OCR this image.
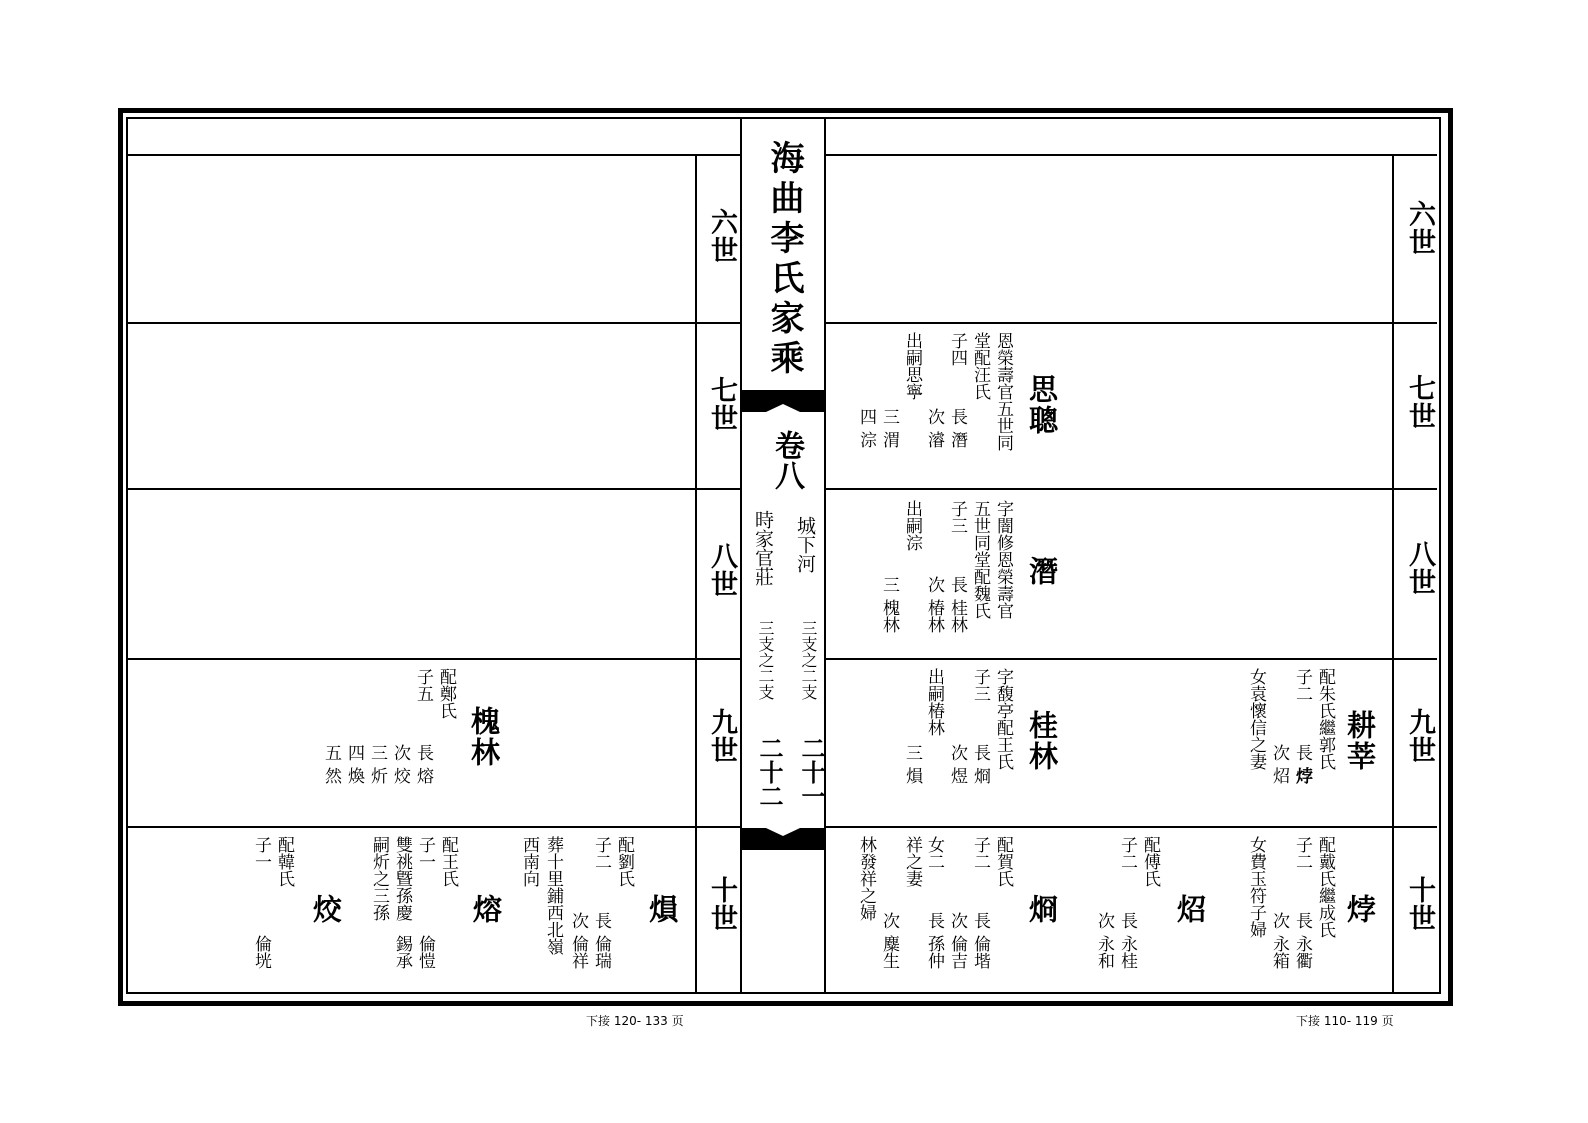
海曲李氏家乘
卷八
城下河
時家官莊
三支之二支
三支之二支
二十一
二十二
六世
七世
八世
九世
十世
六世
七世
八世
九世
十世
思聰
恩榮壽官五世同
堂配汪氏
子四
出嗣思寧
長
潛
次
濬
三
渭
四
淙
潛
字闇修恩榮壽官
五世同堂配魏氏
子三
出嗣淙
長
桂林
次
椿林
三
槐林
桂林
字馥亭配王氏
子三
出嗣椿林
長
烱
次
煜
三
熉
耕莘
配朱氏繼郭氏
子二
女袁懷信之妻 長
㶿
次
炤
㶿
配戴氏繼成氏
子二
女費玉符子婦 長
永衢
次
永箱
炤
配傅氏
子二
長
永桂
次
永和
烱
配賀氏
子二
女二
祥之妻
林發祥之婦	長
倫堦
次
倫吉
長
孫仲
次
麋生
槐林
配鄭氏
子五
長
熔
次
烄
三
炘
四
煥
五
然
熉
配劉氏
子二
葬十里鋪西北嶺
西南向
長
倫瑞
次
倫祥
熔
配王氏
子一
雙祧曁孫慶
嗣炘之三孫
倫愷
錫承
烄
配韓氏
子一
倫垙
下接 120- 133 页	下接 110- 119 页
